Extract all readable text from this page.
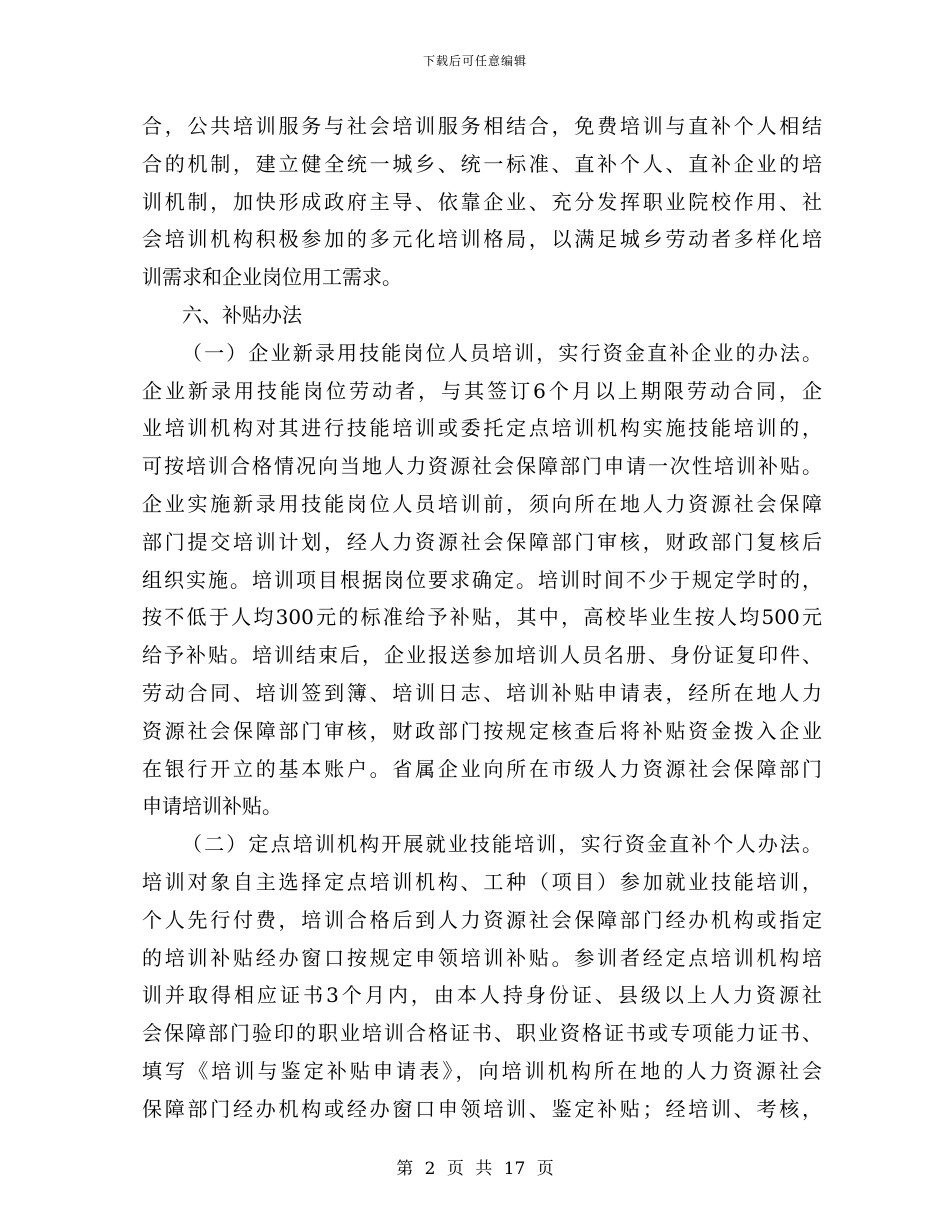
下载后可任意编辑
合，公共培训服务与社会培训服务相结合，免费培训与直补个人相结
合的机制，建立健全统一城乡、统一标准、直补个人、直补企业的培
训机制，加快形成政府主导、依靠企业、充分发挥职业院校作用、社
会培训机构积极参加的多元化培训格局，以满足城乡劳动者多样化培
训需求和企业岗位用工需求。
六、补贴办法
（一）企业新录用技能岗位人员培训，实行资金直补企业的办法。
企业新录用技能岗位劳动者，与其签订6个月以上期限劳动合同，企
业培训机构对其进行技能培训或委托定点培训机构实施技能培训的，
可按培训合格情况向当地人力资源社会保障部门申请一次性培训补贴。
企业实施新录用技能岗位人员培训前，须向所在地人力资源社会保障
部门提交培训计划，经人力资源社会保障部门审核，财政部门复核后
组织实施。培训项目根据岗位要求确定。培训时间不少于规定学时的，
按不低于人均300元的标准给予补贴，其中，高校毕业生按人均500元
给予补贴。培训结束后，企业报送参加培训人员名册、身份证复印件、
劳动合同、培训签到簿、培训日志、培训补贴申请表，经所在地人力
资源社会保障部门审核，财政部门按规定核查后将补贴资金拨入企业
在银行开立的基本账户。省属企业向所在市级人力资源社会保障部门
申请培训补贴。
（二）定点培训机构开展就业技能培训，实行资金直补个人办法。
培训对象自主选择定点培训机构、工种（项目）参加就业技能培训，
个人先行付费，培训合格后到人力资源社会保障部门经办机构或指定
的培训补贴经办窗口按规定申领培训补贴。参训者经定点培训机构培
训并取得相应证书3个月内，由本人持身份证、县级以上人力资源社
会保障部门验印的职业培训合格证书、职业资格证书或专项能力证书、
填写《培训与鉴定补贴申请表》，向培训机构所在地的人力资源社会
保障部门经办机构或经办窗口申领培训、鉴定补贴；经培训、考核，
第 2 页 共 17 页
